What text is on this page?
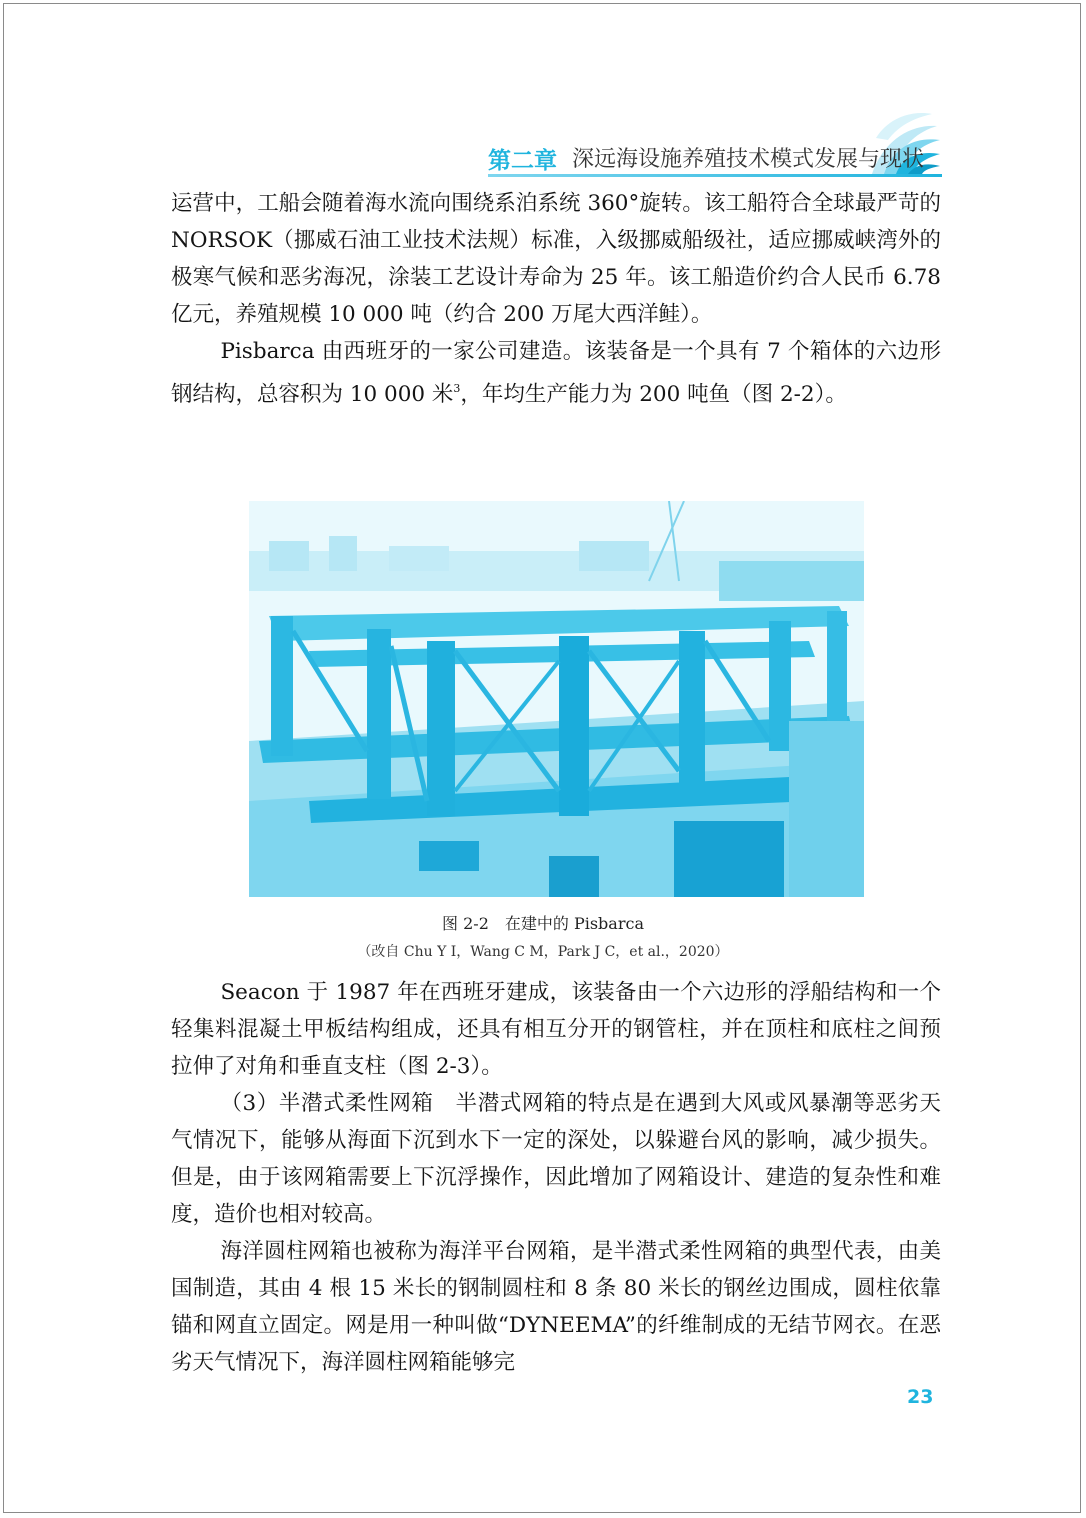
第二章 深远海设施养殖技术模式发展与现状

运营中，工船会随着海水流向围绕系泊系统 360°旋转。该工船符合全球最严苛的 NORSOK（挪威石油工业技术法规）标准，入级挪威船级社，适应挪威峡湾外的极寒气候和恶劣海况，涂装工艺设计寿命为 25 年。该工船造价约合人民币 6.78 亿元，养殖规模 10 000 吨（约合 200 万尾大西洋鲑）。

Pisbarca 由西班牙的一家公司建造。该装备是一个具有 7 个箱体的六边形钢结构，总容积为 10 000 米$^3$，年均生产能力为 200 吨鱼（图 2-2）。

图 2-2　在建中的 Pisbarca
（改自 Chu Y I，Wang C M，Park J C，et al.，2020）

Seacon 于 1987 年在西班牙建成，该装备由一个六边形的浮船结构和一个轻集料混凝土甲板结构组成，还具有相互分开的钢管柱，并在顶柱和底柱之间预拉伸了对角和垂直支柱（图 2-3）。

（3）半潜式柔性网箱　半潜式网箱的特点是在遇到大风或风暴潮等恶劣天气情况下，能够从海面下沉到水下一定的深处，以躲避台风的影响，减少损失。但是，由于该网箱需要上下沉浮操作，因此增加了网箱设计、建造的复杂性和难度，造价也相对较高。

海洋圆柱网箱也被称为海洋平台网箱，是半潜式柔性网箱的典型代表，由美国制造，其由 4 根 15 米长的钢制圆柱和 8 条 80 米长的钢丝边围成，圆柱依靠锚和网直立固定。网是用一种叫做“DYNEEMA”的纤维制成的无结节网衣。在恶劣天气情况下，海洋圆柱网箱能够完

23
